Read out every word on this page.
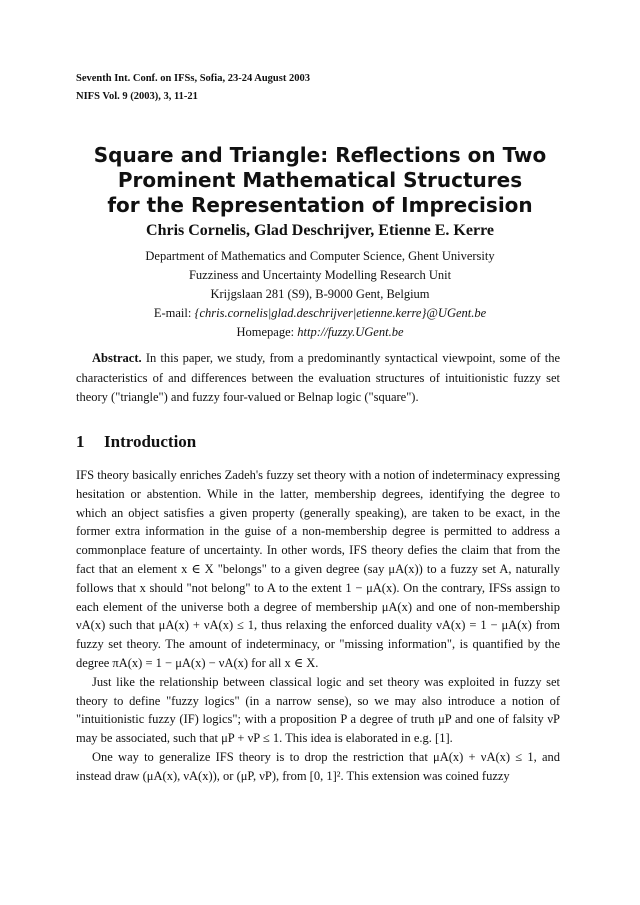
Seventh Int. Conf. on IFSs, Sofia, 23-24 August 2003
NIFS Vol. 9 (2003), 3, 11-21
Square and Triangle: Reflections on Two
Prominent Mathematical Structures
for the Representation of Imprecision
Chris Cornelis, Glad Deschrijver, Etienne E. Kerre
Department of Mathematics and Computer Science, Ghent University
Fuzziness and Uncertainty Modelling Research Unit
Krijgslaan 281 (S9), B-9000 Gent, Belgium
E-mail: {chris.cornelis|glad.deschrijver|etienne.kerre}@UGent.be
Homepage: http://fuzzy.UGent.be
Abstract. In this paper, we study, from a predominantly syntactical viewpoint, some of the characteristics of and differences between the evaluation structures of intuitionistic fuzzy set theory ("triangle") and fuzzy four-valued or Belnap logic ("square").
1 Introduction

IFS theory basically enriches Zadeh's fuzzy set theory with a notion of indeterminacy expressing hesitation or abstention. While in the latter, membership degrees, identifying the degree to which an object satisfies a given property (generally speaking), are taken to be exact, in the former extra information in the guise of a non-membership degree is permitted to address a commonplace feature of uncertainty. In other words, IFS theory defies the claim that from the fact that an element x ∈ X "belongs" to a given degree (say μA(x)) to a fuzzy set A, naturally follows that x should "not belong" to A to the extent 1 − μA(x). On the contrary, IFSs assign to each element of the universe both a degree of membership μA(x) and one of non-membership νA(x) such that μA(x) + νA(x) ≤ 1, thus relaxing the enforced duality νA(x) = 1 − μA(x) from fuzzy set theory. The amount of indeterminacy, or "missing information", is quantified by the degree πA(x) = 1 − μA(x) − νA(x) for all x ∈ X.

Just like the relationship between classical logic and set theory was exploited in fuzzy set theory to define "fuzzy logics" (in a narrow sense), so we may also introduce a notion of "intuitionistic fuzzy (IF) logics"; with a proposition P a degree of truth μP and one of falsity νP may be associated, such that μP + νP ≤ 1. This idea is elaborated in e.g. [1].

One way to generalize IFS theory is to drop the restriction that μA(x) + νA(x) ≤ 1, and instead draw (μA(x), νA(x)), or (μP, νP), from [0, 1]². This extension was coined fuzzy
